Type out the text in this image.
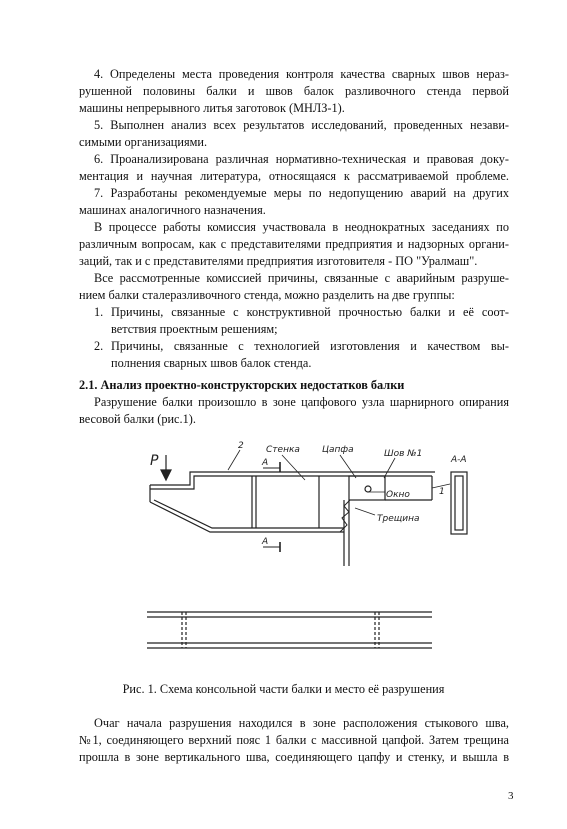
4. Определены места проведения контроля качества сварных швов нераз-
рушенной половины балки и швов балок разливочного стенда первой
машины непрерывного литья заготовок (МНЛЗ-1).
5. Выполнен анализ всех результатов исследований, проведенных незави-
симыми организациями.
6. Проанализирована различная нормативно-техническая и правовая доку-
ментация и научная литература, относящаяся к рассматриваемой проблеме.
7. Разработаны рекомендуемые меры по недопущению аварий на других
машинах аналогичного назначения.
В процессе работы комиссия участвовала в неоднократных заседаниях по
различным вопросам, как с представителями предприятия и надзорных органи-
заций, так и с представителями предприятия изготовителя - ПО "Уралмаш".
Все рассмотренные комиссией причины, связанные с аварийным разруше-
нием балки сталеразливочного стенда, можно разделить на две группы:
1. Причины, связанные с конструктивной прочностью балки и её соот-
ветствия проектным решениям;
2. Причины, связанные с технологией изготовления и качеством вы-
полнения сварных швов балок стенда.
2.1. Анализ проектно-конструкторских недостатков балки
Разрушение балки произошло в зоне цапфового узла шарнирного опирания
весовой балки (рис.1).
P
2 Стенка Цапфа	Шов №1
А-А
А
А
Окно
Трещина
1
Рис. 1. Схема консольной части балки и место её разрушения
Очаг начала разрушения находился в зоне расположения стыкового шва,
№1, соединяющего верхний пояс 1 балки с массивной цапфой. Затем трещина
прошла в зоне вертикального шва, соединяющего цапфу и стенку, и вышла в
3
